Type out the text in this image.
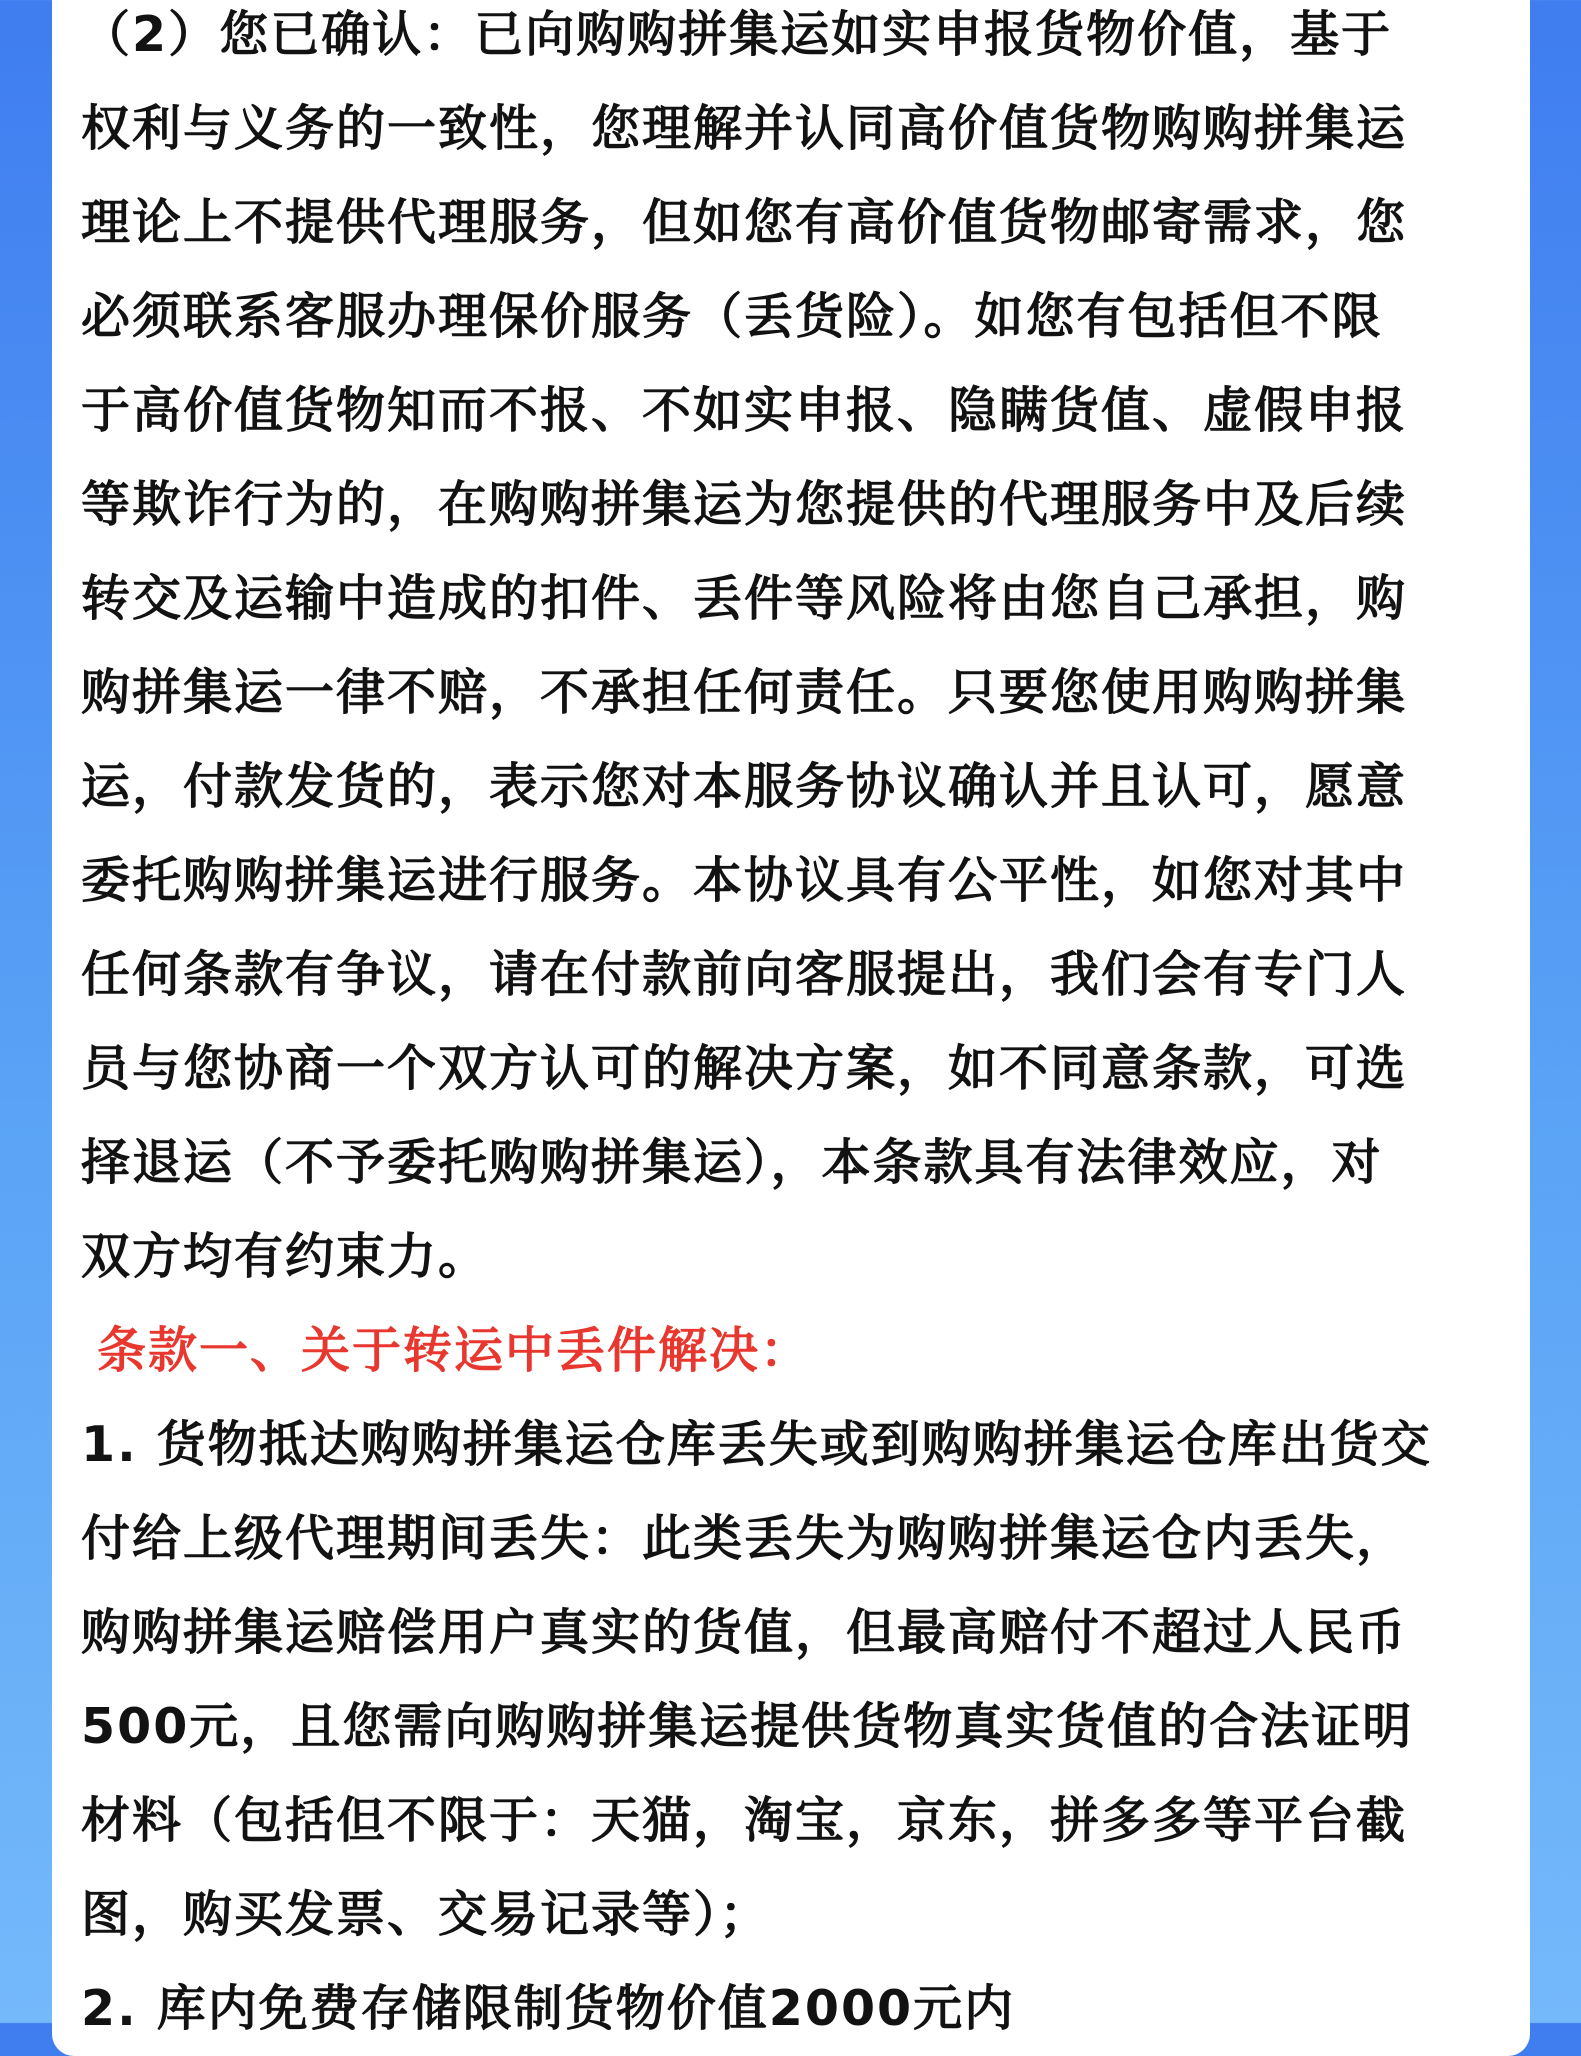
（2）您已确认：已向购购拼集运如实申报货物价值，基于
权利与义务的一致性，您理解并认同高价值货物购购拼集运
理论上不提供代理服务，但如您有高价值货物邮寄需求，您
必须联系客服办理保价服务（丢货险）。如您有包括但不限
于高价值货物知而不报、不如实申报、隐瞒货值、虚假申报
等欺诈行为的，在购购拼集运为您提供的代理服务中及后续
转交及运输中造成的扣件、丢件等风险将由您自己承担，购
购拼集运一律不赔，不承担任何责任。只要您使用购购拼集
运，付款发货的，表示您对本服务协议确认并且认可，愿意
委托购购拼集运进行服务。本协议具有公平性，如您对其中
任何条款有争议，请在付款前向客服提出，我们会有专门人
员与您协商一个双方认可的解决方案，如不同意条款，可选
择退运（不予委托购购拼集运），本条款具有法律效应，对
双方均有约束力。
条款一、关于转运中丢件解决：
1. 货物抵达购购拼集运仓库丢失或到购购拼集运仓库出货交
付给上级代理期间丢失：此类丢失为购购拼集运仓内丢失，
购购拼集运赔偿用户真实的货值，但最高赔付不超过人民币
500元，且您需向购购拼集运提供货物真实货值的合法证明
材料（包括但不限于：天猫，淘宝，京东，拼多多等平台截
图，购买发票、交易记录等）；
2. 库内免费存储限制货物价值2000元内
